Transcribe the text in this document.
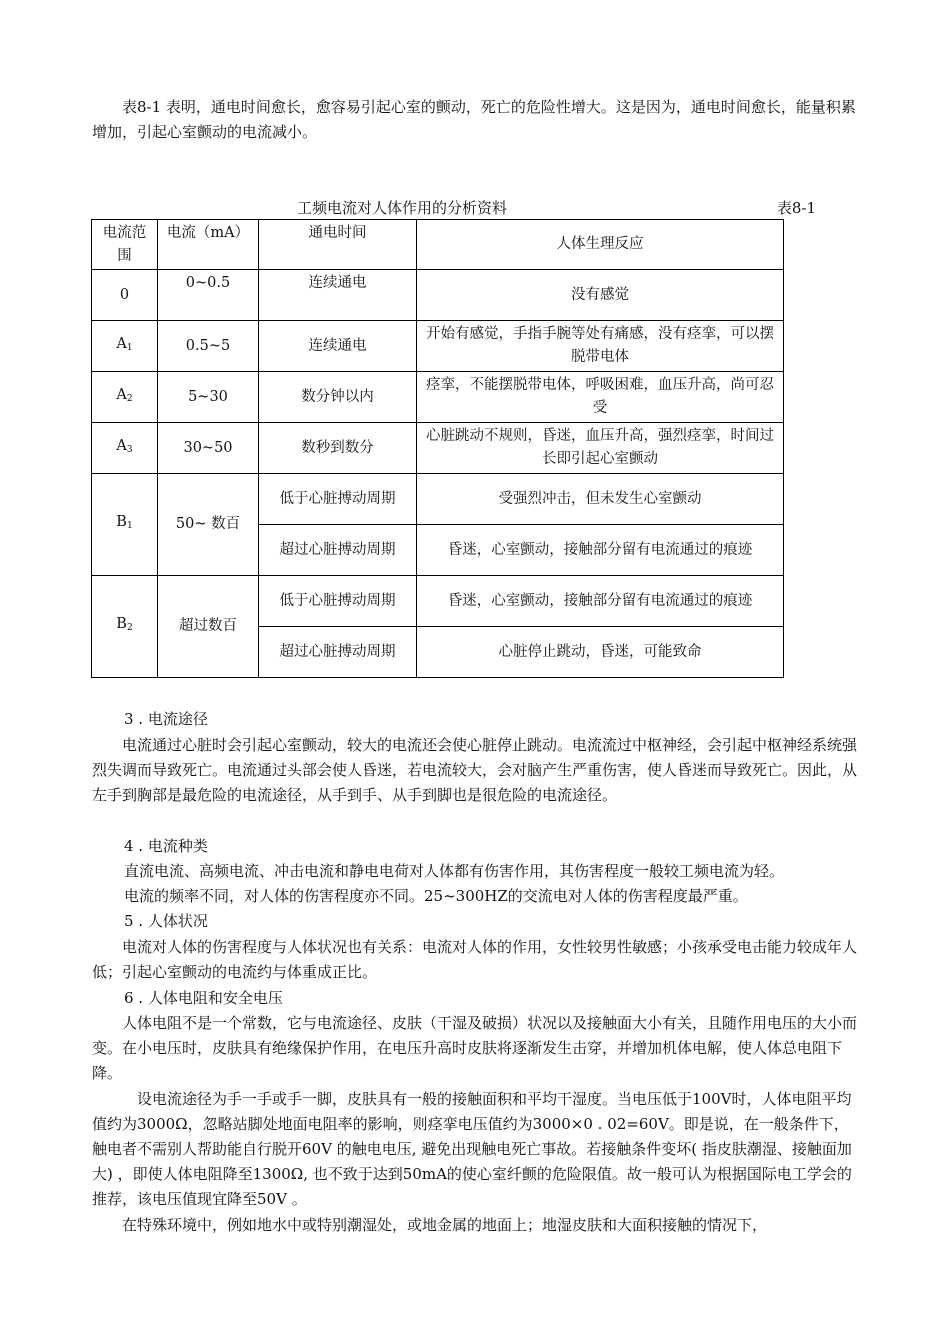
表8-1 表明，通电时间愈长，愈容易引起心室的颤动，死亡的危险性增大。这是因为，通电时间愈长，能量积累增加，引起心室颤动的电流减小。

工频电流对人体作用的分析资料	表8-1
电流范围	电流（mA）	通电时间	人体生理反应
0	0~0.5	连续通电	没有感觉
$A_1$	0.5~5	连续通电	开始有感觉，手指手腕等处有痛感，没有痉挛，可以摆脱带电体
$A_2$	5~30	数分钟以内	痉挛，不能摆脱带电体，呼吸困难，血压升高，尚可忍受
$A_3$	30~50	数秒到数分	心脏跳动不规则，昏迷，血压升高，强烈痉挛，时间过长即引起心室颤动
$B_1$	50~ 数百	低于心脏搏动周期	受强烈冲击，但未发生心室颤动
		超过心脏搏动周期	昏迷，心室颤动，接触部分留有电流通过的痕迹
$B_2$	超过数百	低于心脏搏动周期	昏迷，心室颤动，接触部分留有电流通过的痕迹
		超过心脏搏动周期	心脏停止跳动，昏迷，可能致命

3 . 电流途径

电流通过心脏时会引起心室颤动，较大的电流还会使心脏停止跳动。电流流过中枢神经，会引起中枢神经系统强烈失调而导致死亡。电流通过头部会使人昏迷，若电流较大，会对脑产生严重伤害，使人昏迷而导致死亡。因此，从左手到胸部是最危险的电流途径，从手到手、从手到脚也是很危险的电流途径。

4 . 电流种类

直流电流、高频电流、冲击电流和静电电荷对人体都有伤害作用，其伤害程度一般较工频电流为轻。

电流的频率不同，对人体的伤害程度亦不同。25~300HZ的交流电对人体的伤害程度最严重。

5 . 人体状况

电流对人体的伤害程度与人体状况也有关系：电流对人体的作用，女性较男性敏感；小孩承受电击能力较成年人低；引起心室颤动的电流约与体重成正比。

6 . 人体电阻和安全电压

人体电阻不是一个常数，它与电流途径、皮肤（干湿及破损）状况以及接触面大小有关，且随作用电压的大小而变。在小电压时，皮肤具有绝缘保护作用，在电压升高时皮肤将逐渐发生击穿，并增加机体电解，使人体总电阻下降。

设电流途径为手一手或手一脚，皮肤具有一般的接触面积和平均干湿度。当电压低于100V时，人体电阻平均值约为3000Ω，忽略站脚处地面电阻率的影响，则痉挛电压值约为3000×0 . 02=60V。即是说，在一般条件下，触电者不需别人帮助能自行脱开60V 的触电电压, 避免出现触电死亡事故。若接触条件变坏( 指皮肤潮湿、接触面加大) ，即使人体电阻降至1300Ω, 也不致于达到50mA的使心室纤颤的危险限值。故一般可认为根据国际电工学会的推荐，该电压值现宜降至50V 。

在特殊环境中，例如地水中或特别潮湿处，或地金属的地面上；地湿皮肤和大面积接触的情况下，
